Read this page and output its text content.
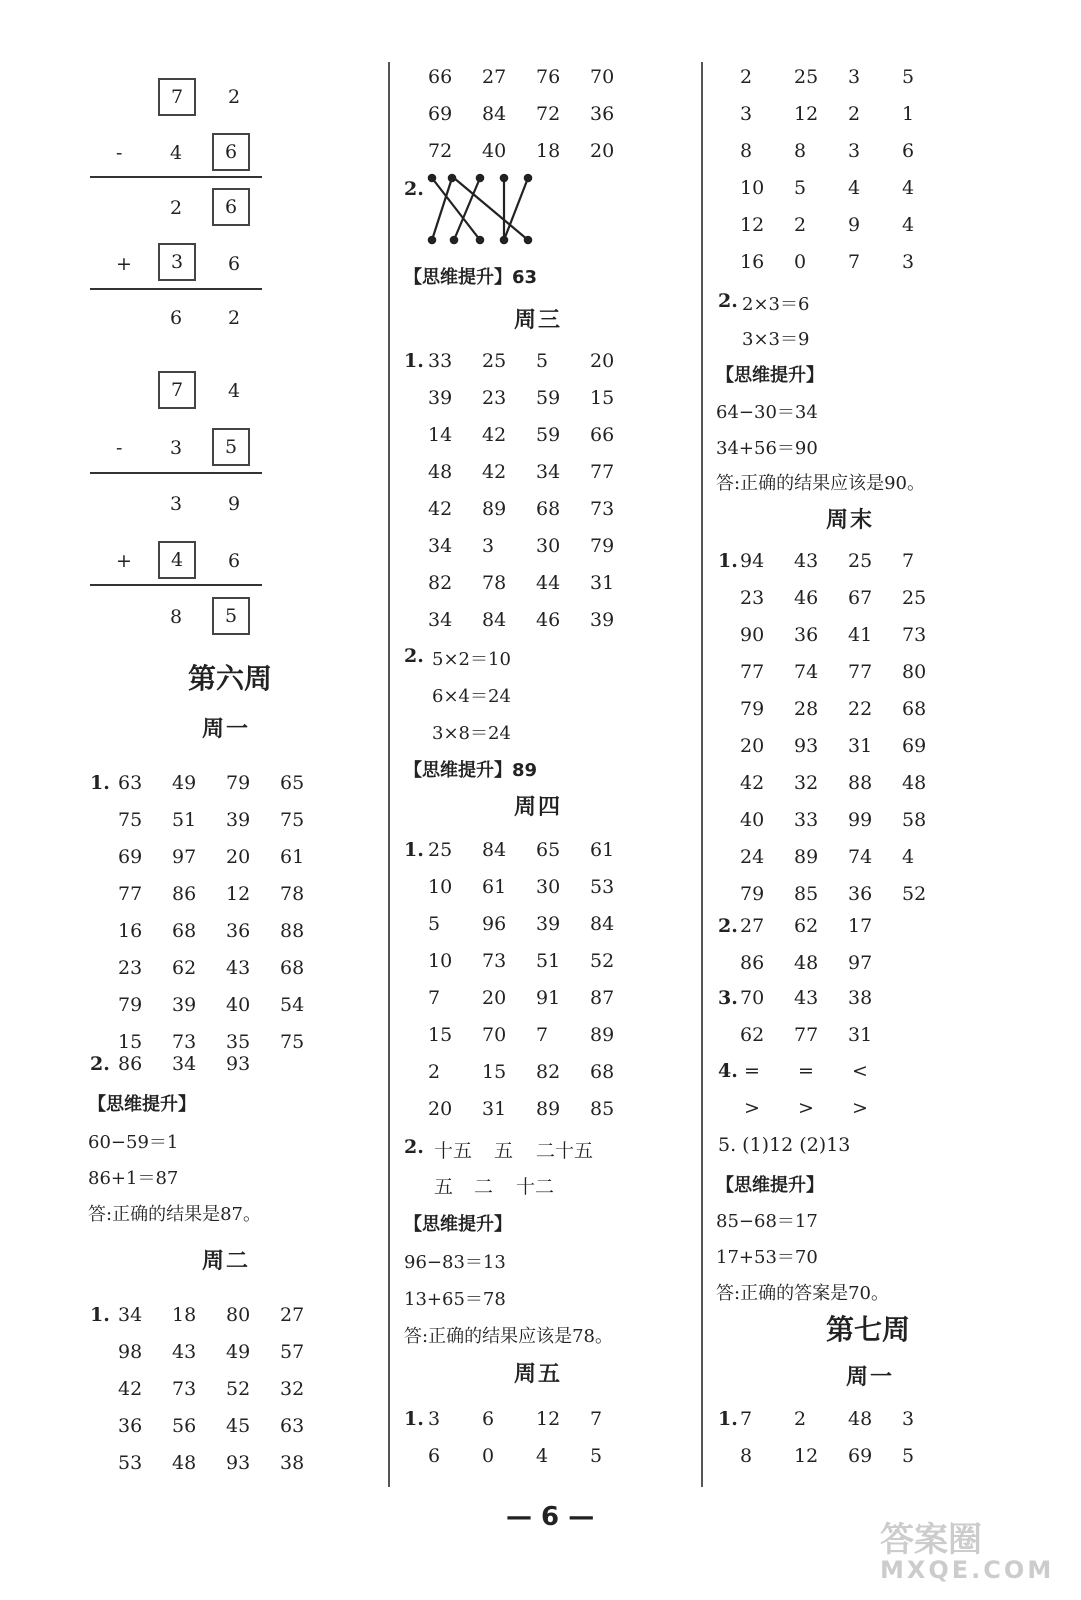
7	2
-	4	6
2	6
+	3	6
6 2
7	4
-	3	5
3 9
+	4	6
8	5
第六周
周一
1. 63	49	79	65
75	51	39	75
69	97	20	61
77	86	12	78
16	68	36	88
23	62	43	68
79	39	40	54
15	73	35	75
2. 86	34	93
【思维提升】
60−59＝1
86+1＝87
答:正确的结果是87。
周二
1. 34	18	80	27
98	43	49	57
42	73	52	32
36	56	45	63
53	48	93	38
66	27	76	70
69	84	72	36
72	40	18	20
2.
【思维提升】63
周三
1. 33	25	5	20
39	23	59	15
14	42	59	66
48	42	34	77
42	89	68	73
34	3	30	79
82	78	44	31
34	84	46	39
2. 5×2＝10
6×4＝24
3×8＝24
【思维提升】89
周四
1. 25	84	65	61
10	61	30	53
5	96	39	84
10	73	51	52
7	20	91	87
15	70	7	89
2	15	82	68
20	31	89	85
2. 十五 五 二十五
五 二 十二
【思维提升】
96−83＝13
13+65＝78
答:正确的结果应该是78。
周五
1. 3	6	12	7
6	0	4	5
2	25	3	5
3	12	2	1
8	8	3	6
10	5	4	4
12	2	9	4
16	0	7	3
2. 2×3＝6
3×3＝9
【思维提升】
64−30＝34
34+56＝90
答:正确的结果应该是90。
周末
1. 94	43	25	7
23	46	67	25
90	36	41	73
77	74	77	80
79	28	22	68
20	93	31	69
42	32	88	48
40	33	99	58
24	89	74	4
79	85	36	52
2. 27	62	17
86	48	97
3. 70	43	38
62	77	31
4. =	=	<
>	>	>
5. (1)12 (2)13
【思维提升】
85−68＝17
17+53＝70
答:正确的答案是70。
第七周
周一
1. 7	2	48	3
8	12	69	5
— 6 —
答案圈
MXQE.COM
